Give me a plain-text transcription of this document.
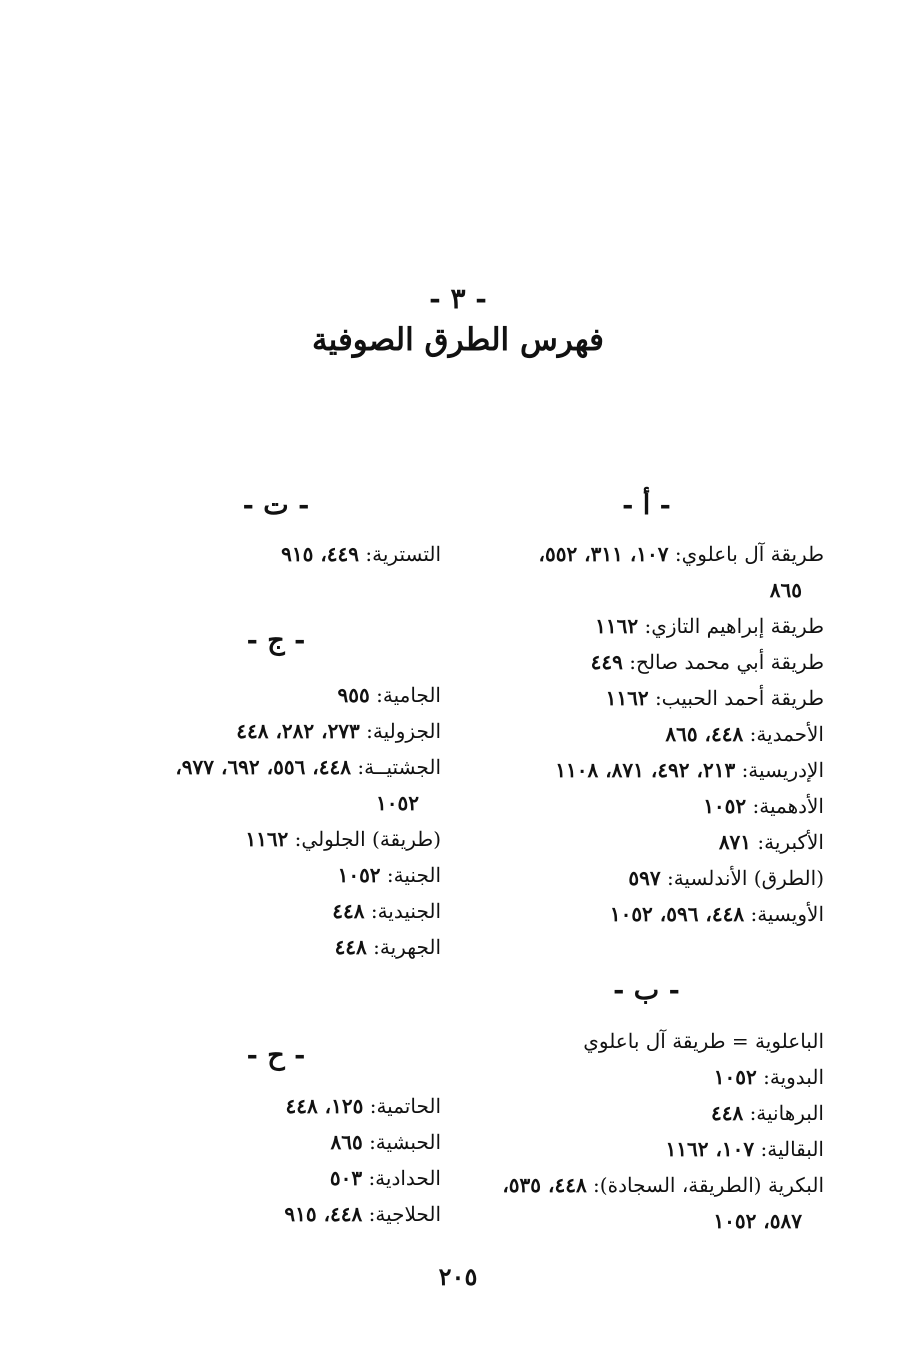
- ٣ -
فهرس الطرق الصوفية
- أ -
طريقة آل باعلوي: ١٠٧، ٣١١، ٥٥٢،
٨٦٥
طريقة إبراهيم التازي: ١١٦٢
طريقة أبي محمد صالح: ٤٤٩
طريقة أحمد الحبيب: ١١٦٢
الأحمدية: ٤٤٨، ٨٦٥
الإدريسية: ٢١٣، ٤٩٢، ٨٧١، ١١٠٨
الأدهمية: ١٠٥٢
الأكبرية: ٨٧١
(الطرق) الأندلسية: ٥٩٧
الأويسية: ٤٤٨، ٥٩٦، ١٠٥٢
- ب -
الباعلوية = طريقة آل باعلوي
البدوية: ١٠٥٢
البرهانية: ٤٤٨
البقالية: ١٠٧، ١١٦٢
البكرية (الطريقة، السجادة): ٤٤٨، ٥٣٥،
٥٨٧، ١٠٥٢
- ت -
التسترية: ٤٤٩، ٩١٥
- ج -
الجامية: ٩٥٥
الجزولية: ٢٧٣، ٢٨٢، ٤٤٨
الجشتيــة: ٤٤٨، ٥٥٦، ٦٩٢، ٩٧٧،
١٠٥٢
(طريقة) الجلولي: ١١٦٢
الجنية: ١٠٥٢
الجنيدية: ٤٤٨
الجهرية: ٤٤٨
- ح -
الحاتمية: ١٢٥، ٤٤٨
الحبشية: ٨٦٥
الحدادية: ٥٠٣
الحلاجية: ٤٤٨، ٩١٥
٢٠٥
